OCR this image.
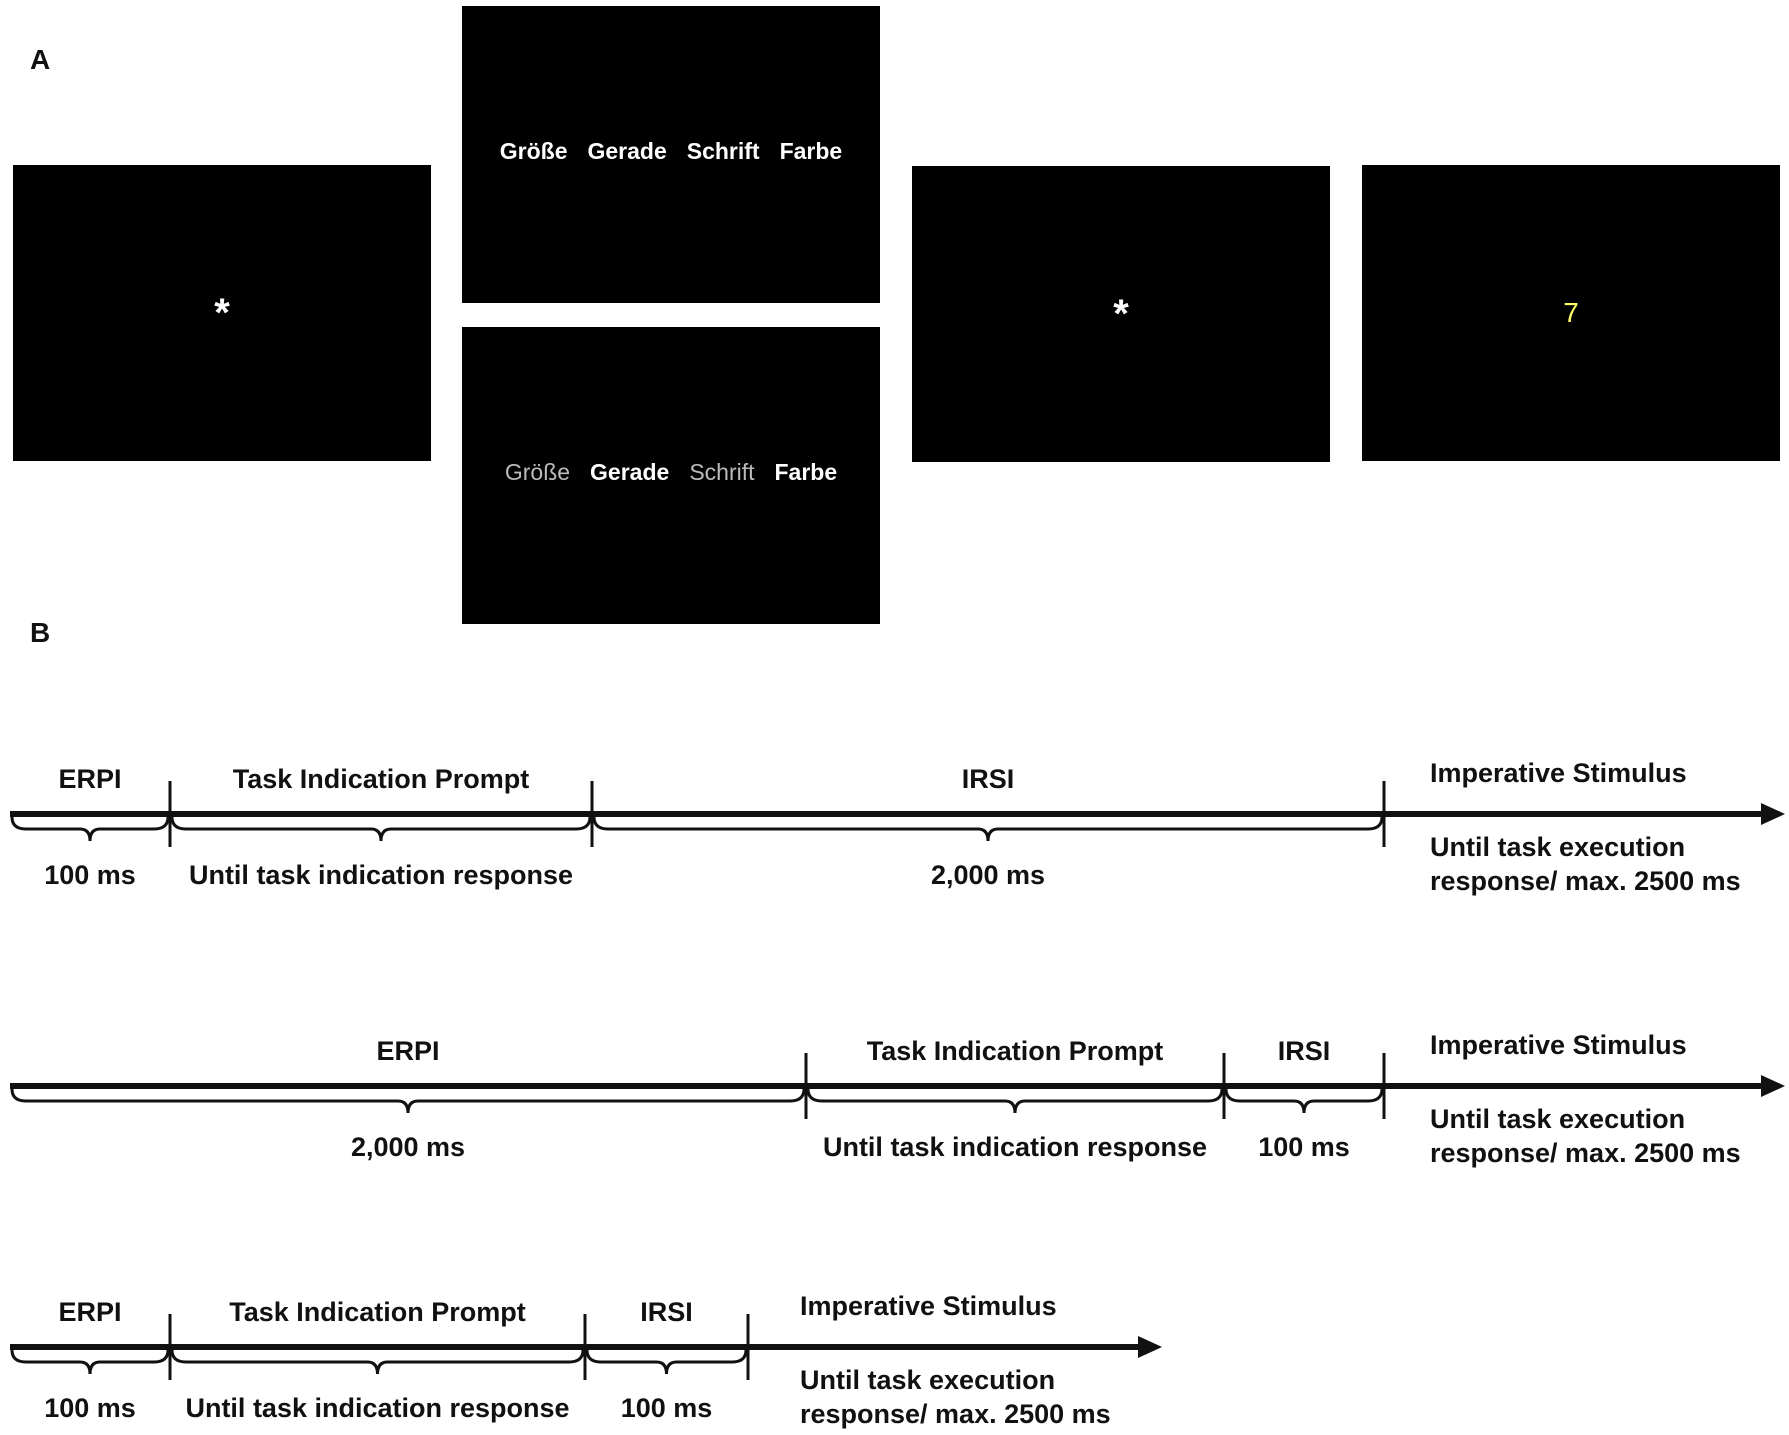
A
*
Größe Gerade Schrift Farbe
Größe Gerade Schrift Farbe
*	7
B
ERPI
100 ms
Task Indication Prompt
Until task indication response
IRSI
2,000 ms
Imperative Stimulus
Until task execution
response/ max. 2500 ms
ERPI
2,000 ms
Task Indication Prompt
Until task indication response
IRSI
100 ms
Imperative Stimulus
Until task execution
response/ max. 2500 ms
ERPI
100 ms
Task Indication Prompt
Until task indication response
IRSI
100 ms
Imperative Stimulus
Until task execution
response/ max. 2500 ms
